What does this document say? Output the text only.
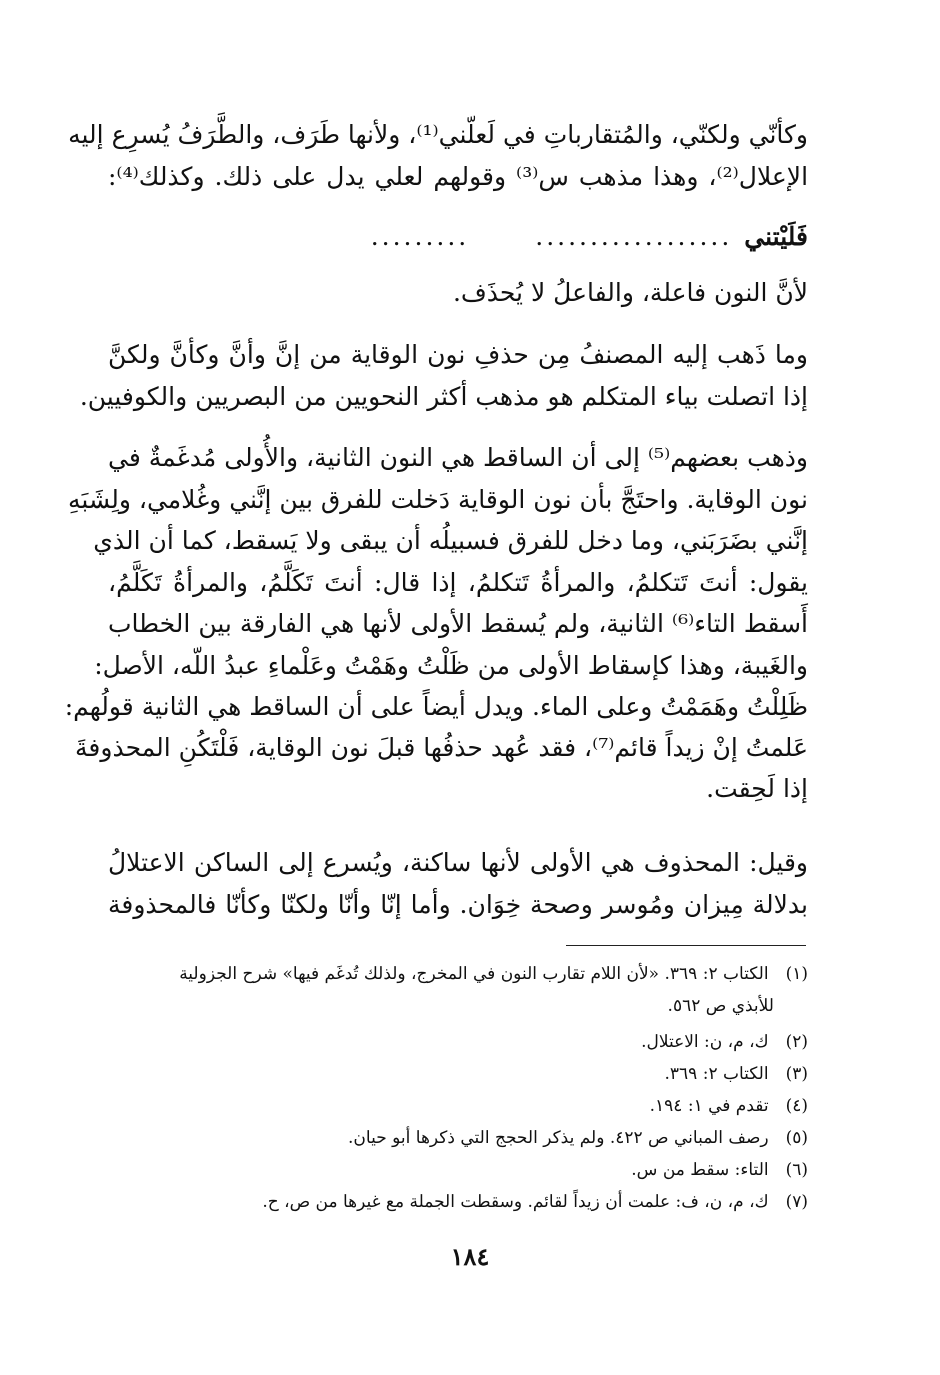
وكأنّي ولكنّي، والمُتقارباتِ في لَعلّني⁽¹⁾، ولأنها طَرَف، والطَّرَفُ يُسرِع إليه
الإعلال⁽²⁾، وهذا مذهب س⁽³⁾ وقولهم لعلي يدل على ذلك. وكذلك⁽⁴⁾:
فَلَيْتني
..................
.........
لأنَّ النون فاعلة، والفاعلُ لا يُحذَف.
وما ذَهب إليه المصنفُ مِن حذفِ نون الوقاية من إنَّ وأنَّ وكأنَّ ولكنَّ
إذا اتصلت بياء المتكلم هو مذهب أكثر النحويين من البصريين والكوفيين.
وذهب بعضهم⁽⁵⁾ إلى أن الساقط هي النون الثانية، والأُولى مُدغَمةٌ في
نون الوقاية. واحتَجَّ بأن نون الوقاية دَخلت للفرق بين إنَّني وغُلامي، ولِشَبَهِ
إنَّني بضَرَبَني، وما دخل للفرق فسبيلُه أن يبقى ولا يَسقط، كما أن الذي
يقول: أنتَ تَتكلمُ، والمرأةُ تَتكلمُ، إذا قال: أنتَ تَكَلَّمُ، والمرأةُ تَكَلَّمُ،
أَسقط التاء⁽⁶⁾ الثانية، ولم يُسقط الأولى لأنها هي الفارقة بين الخطاب
والغَيبة، وهذا كإسقاط الأولى من ظَلْتُ وهَمْتُ وعَلْماءِ عبدُ اللّه، الأصل:
ظَلِلْتُ وهَمَمْتُ وعلى الماء. ويدل أيضاً على أن الساقط هي الثانية قولُهم:
عَلمتُ إنْ زيداً قائم⁽⁷⁾، فقد عُهد حذفُها قبلَ نون الوقاية، فَلْتَكُنِ المحذوفةَ
إذا لَحِقت.
وقيل: المحذوف هي الأولى لأنها ساكنة، ويُسرع إلى الساكن الاعتلالُ
بدلالة مِيزان ومُوسر وصحة خِوَان. وأما إنّا وأنّا ولكنّا وكأنّا فالمحذوفة
(١) الكتاب ٢: ٣٦٩. «لأن اللام تقارب النون في المخرج، ولذلك تُدغَم فيها» شرح الجزولية
للأبذي ص ٥٦٢.
(٢) ك، م، ن: الاعتلال.
(٣) الكتاب ٢: ٣٦٩.
(٤) تقدم في ١: ١٩٤.
(٥) رصف المباني ص ٤٢٢. ولم يذكر الحجج التي ذكرها أبو حيان.
(٦) التاء: سقط من س.
(٧) ك، م، ن، ف: علمت أن زيداً لقائم. وسقطت الجملة مع غيرها من ص، ح.
١٨٤
